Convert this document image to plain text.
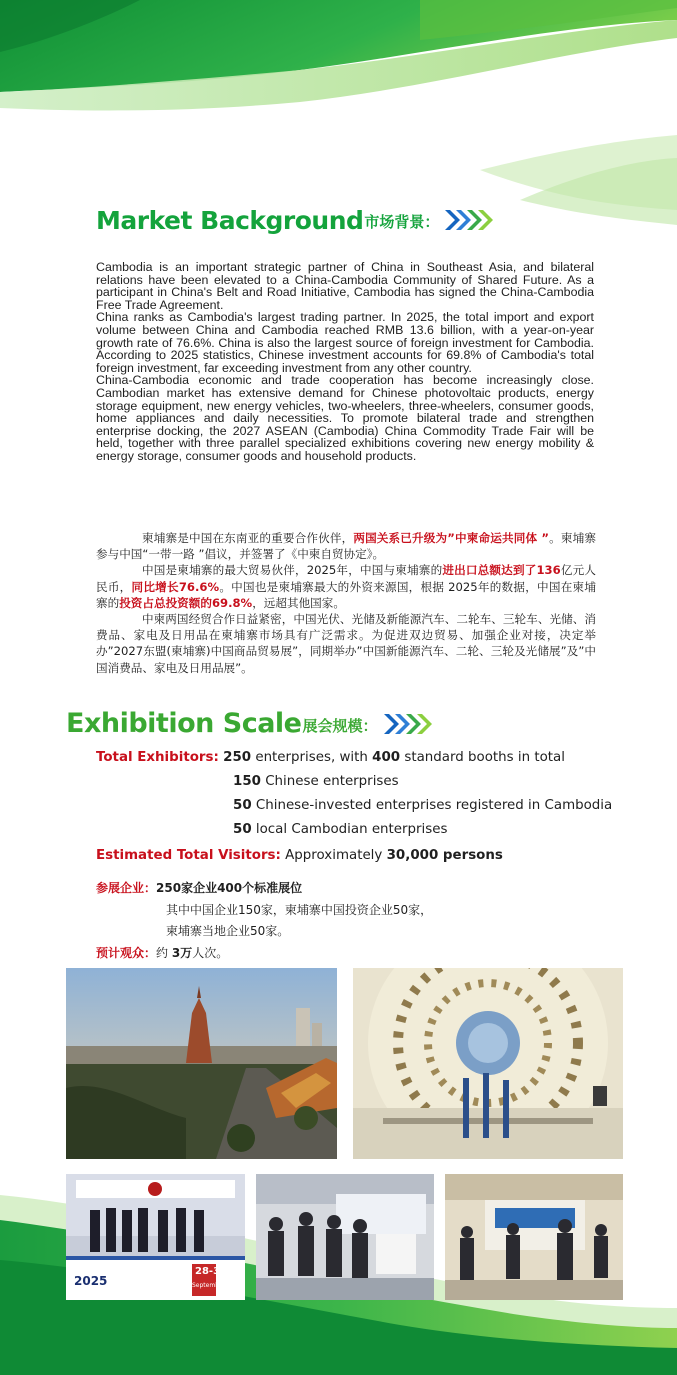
Market Background 市场背景：

Cambodia is an important strategic partner of China in Southeast Asia, and bilateral relations have been elevated to a China-Cambodia Community of Shared Future. As a participant in China's Belt and Road Initiative, Cambodia has signed the China-Cambodia Free Trade Agreement.

China ranks as Cambodia's largest trading partner. In 2025, the total import and export volume between China and Cambodia reached RMB 13.6 billion, with a year-on-year growth rate of 76.6%. China is also the largest source of foreign investment for Cambodia. According to 2025 statistics, Chinese investment accounts for 69.8% of Cambodia's total foreign investment, far exceeding investment from any other country.

China-Cambodia economic and trade cooperation has become increasingly close. Cambodian market has extensive demand for Chinese photovoltaic products, energy storage equipment, new energy vehicles, two-wheelers, three-wheelers, consumer goods, home appliances and daily necessities. To promote bilateral trade and strengthen enterprise docking, the 2027 ASEAN (Cambodia) China Commodity Trade Fair will be held, together with three parallel specialized exhibitions covering new energy mobility & energy storage, consumer goods and household products.

柬埔寨是中国在东南亚的重要合作伙伴，两国关系已升级为”中柬命运共同体 ”。柬埔寨参与中国“一带一路 ”倡议，并签署了《中柬自贸协定》。

中国是柬埔寨的最大贸易伙伴，2025年，中国与柬埔寨的进出口总额达到了136亿元人民币，同比增长76.6%。中国也是柬埔寨最大的外资来源国，根据 2025年的数据，中国在柬埔寨的投资占总投资额的69.8%，远超其他国家。

中柬两国经贸合作日益紧密，中国光伏、光储及新能源汽车、二轮车、三轮车、光储、消费品、家电及日用品在柬埔寨市场具有广泛需求。为促进双边贸易、加强企业对接，决定举办”2027东盟(柬埔寨)中国商品贸易展”，同期举办”中国新能源汽车、二轮、三轮及光储展”及”中国消费品、家电及日用品展”。

Exhibition Scale 展会规模：
Total Exhibitors: 250 enterprises, with 400 standard booths in total
150 Chinese enterprises
50 Chinese-invested enterprises registered in Cambodia
50 local Cambodian enterprises
Estimated Total Visitors: Approximately 30,000 persons
参展企业：250家企业400个标准展位
其中中国企业150家，柬埔寨中国投资企业50家，
柬埔寨当地企业50家。
预计观众：约 3万人次。
2025
28-30
September
